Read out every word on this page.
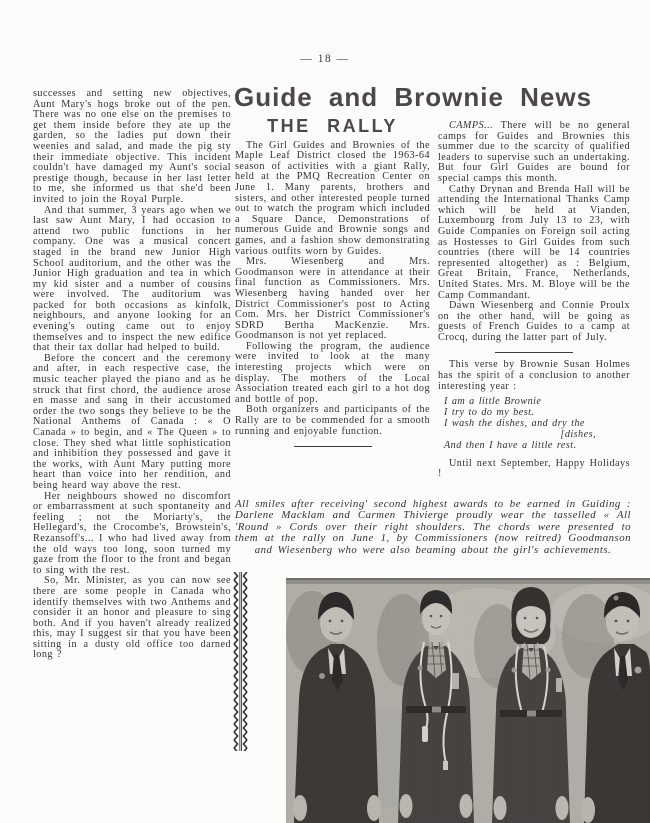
— 18 —

successes and setting new objectives, Aunt Mary's hogs broke out of the pen. There was no one else on the premises to get them inside before they ate up the garden, so the ladies put down their weenies and salad, and made the pig sty their immediate objective. This incident couldn't have damaged my Aunt's social prestige though, because in her last letter to me, she informed us that she'd been invited to join the Royal Purple.

And that summer, 3 years ago when we last saw Aunt Mary, I had occasion to attend two public functions in her company. One was a musical concert staged in the brand new Junior High School auditorium, and the other was the Junior High graduation and tea in which my kid sister and a number of cousins were involved. The auditorium was packed for both occasions as kinfolk, neighbours, and anyone looking for an evening's outing came out to enjoy themselves and to inspect the new edifice that their tax dollar had helped to build.

Before the concert and the ceremony and after, in each respective case, the music teacher played the piano and as he struck that first chord, the audience arose en masse and sang in their accustomed order the two songs they believe to be the National Anthems of Canada : « O Canada » to begin, and « The Queen » to close. They shed what little sophistication and inhibition they possessed and gave it the works, with Aunt Mary putting more heart than voice into her rendition, and being heard way above the rest.

Her neighbours showed no discomfort or embarrassment at such spontaneity and feeling ; not the Moriarty's, the Hellegard's, the Crocombe's, Browstein's, Rezansoff's... I who had lived away from the old ways too long, soon turned my gaze from the floor to the front and began to sing with the rest.

So, Mr. Minister, as you can now see there are some people in Canada who identify themselves with two Anthems and consider it an honor and pleasure to sing both. And if you haven't already realized this, may I suggest sir that you have been sitting in a dusty old office too darned long ?

Guide and Brownie News
THE RALLY

The Girl Guides and Brownies of the Maple Leaf District closed the 1963-64 season of activities with a giant Rally, held at the PMQ Recreation Center on June 1. Many parents, brothers and sisters, and other interested people turned out to watch the program which included a Square Dance, Demonstrations of numerous Guide and Brownie songs and games, and a fashion show demonstrating various outfits worn by Guides.

Mrs. Wiesenberg and Mrs. Goodmanson were in attendance at their final function as Commissioners. Mrs. Wiesenberg having handed over her District Commissioner's post to Acting Com. Mrs. her District Commissioner's SDRD Bertha MacKenzie. Mrs. Goodmanson is not yet replaced.

Following the program, the audience were invited to look at the many interesting projects which were on display. The mothers of the Local Association treated each girl to a hot dog and bottle of pop.

Both organizers and participants of the Rally are to be commended for a smooth running and enjoyable function.

CAMPS... There will be no general camps for Guides and Brownies this summer due to the scarcity of qualified leaders to supervise such an undertaking. But four Girl Guides are bound for special camps this month.

Cathy Drynan and Brenda Hall will be attending the International Thanks Camp which will be held at Vianden, Luxembourg from July 13 to 23, with Guide Companies on Foreign soil acting as Hostesses to Girl Guides from such countries (there will be 14 countries represented altogether) as : Belgium, Great Britain, France, Netherlands, United States. Mrs. M. Bloye will be the Camp Commandant.

Dawn Wiesenberg and Connie Proulx on the other hand, will be going as guests of French Guides to a camp at Crocq, during the latter part of July.

This verse by Brownie Susan Holmes has the spirit of a conclusion to another interesting year :

I am a little Brownie
I try to do my best.
I wash the dishes, and dry the
[dishes,
And then I have a little rest.

Until next September, Happy Holidays !

All smiles after receiving' second highest awards to be earned in Guiding : Darlene Macklam and Carmen Thivierge proudly wear the tasselled « All 'Round » Cords over their right shoulders. The chords were presented to them at the rally on June 1, by Commissioners (now reitred) Goodmanson and Wiesenberg who were also beaming about the girl's achievements.
